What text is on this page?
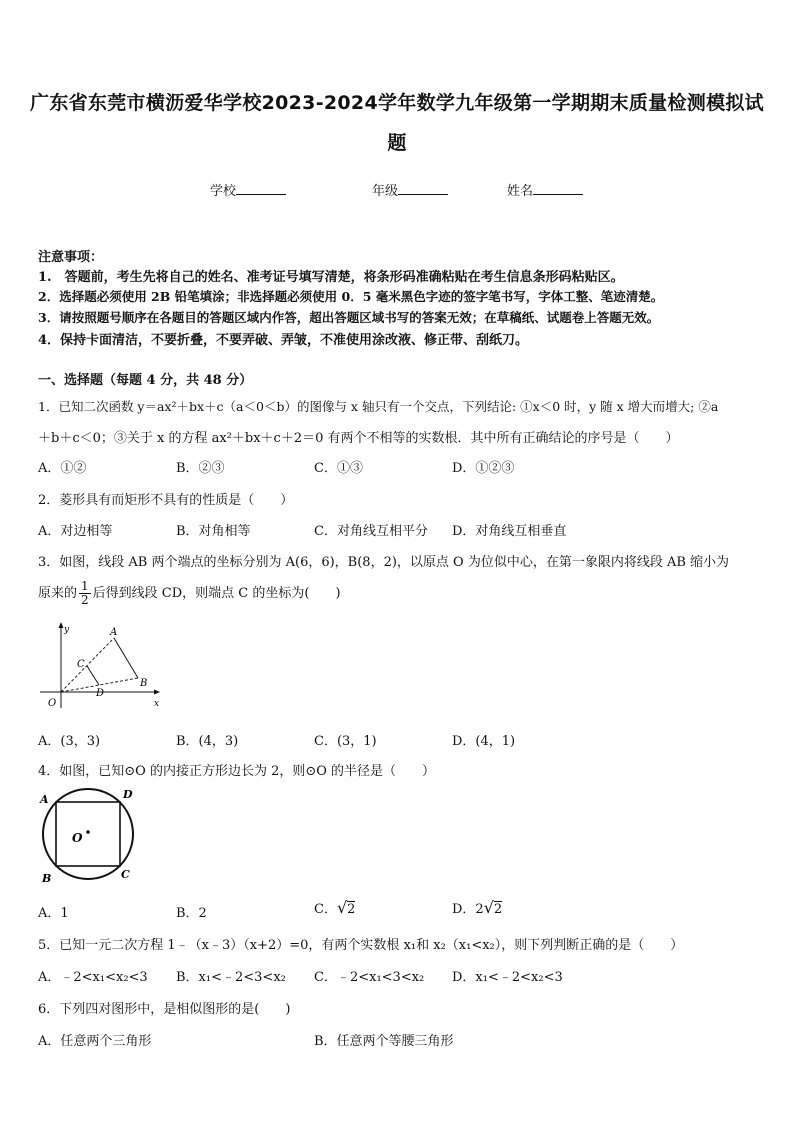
广东省东莞市横沥爱华学校2023-2024学年数学九年级第一学期期末质量检测模拟试
题
学校	年级	姓名
注意事项：
1.　答题前，考生先将自己的姓名、准考证号填写清楚，将条形码准确粘贴在考生信息条形码粘贴区。
2．选择题必须使用 2B 铅笔填涂；非选择题必须使用 0．5 毫米黑色字迹的签字笔书写，字体工整、笔迹清楚。
3．请按照题号顺序在各题目的答题区域内作答，超出答题区域书写的答案无效；在草稿纸、试题卷上答题无效。
4．保持卡面清洁，不要折叠，不要弄破、弄皱，不准使用涂改液、修正带、刮纸刀。
一、选择题（每题 4 分，共 48 分）
1．已知二次函数 y＝ax²＋bx＋c（a＜0＜b）的图像与 x 轴只有一个交点，下列结论: ①x＜0 时，y 随 x 增大而增大; ②a
＋b＋c＜0；③关于 x 的方程 ax²＋bx＋c＋2＝0 有两个不相等的实数根．其中所有正确结论的序号是（　　）
A．①②	B．②③	C．①③	D．①②③
2．菱形具有而矩形不具有的性质是（　　）
A．对边相等	B．对角相等	C．对角线互相平分 D．对角线互相垂直
3．如图，线段 AB 两个端点的坐标分别为 A(6，6)，B(8，2)，以原点 O 为位似中心，在第一象限内将线段 AB 缩小为
原来的 $\frac{1}{2}$ 后得到线段 CD，则端点 C 的坐标为(　　)
y
x
O
A
B
C
D
A．(3，3)	B．(4，3)	C．(3，1)	D．(4，1)
4．如图，已知⊙O 的内接正方形边长为 2，则⊙O 的半径是（　　）
A	D
B	C
O
A．1	B．2	C．√2	D．2√2
5．已知一元二次方程 1﹣（x﹣3）（x+2）=0，有两个实数根 x₁和 x₂（x₁<x₂），则下列判断正确的是（　　）
A．﹣2<x₁<x₂<3 B．x₁<﹣2<3<x₂ C．﹣2<x₁<3<x₂ D．x₁<﹣2<x₂<3
6．下列四对图形中，是相似图形的是(　　)
A．任意两个三角形	B．任意两个等腰三角形
